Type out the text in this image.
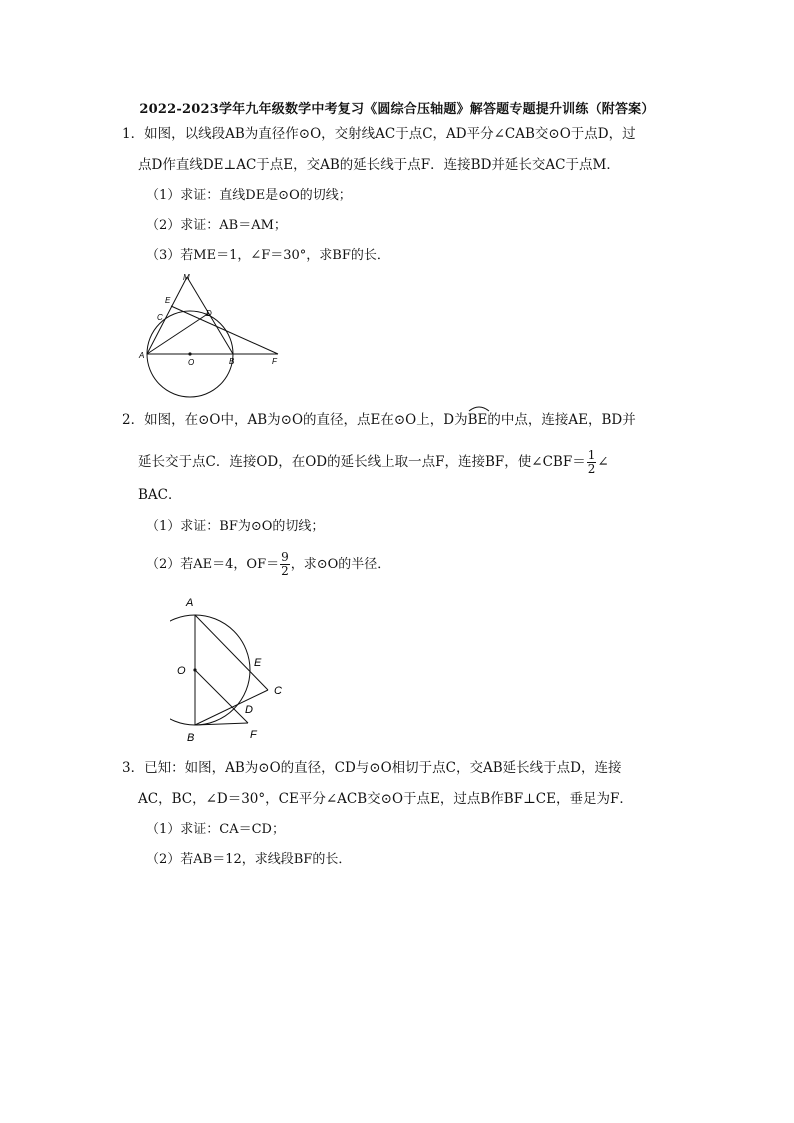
2022-2023学年九年级数学中考复习《圆综合压轴题》解答题专题提升训练（附答案）
1．如图，以线段AB为直径作⊙O，交射线AC于点C，AD平分∠CAB交⊙O于点D，过
点D作直线DE⊥AC于点E，交AB的延长线于点F．连接BD并延长交AC于点M．
（1）求证：直线DE是⊙O的切线；
（2）求证：AB＝AM；
（3）若ME＝1，∠F＝30°，求BF的长．
M
E
C	D
A
O	B	F
2．如图，在⊙O中，AB为⊙O的直径，点E在⊙O上，D为
BE的中点，连接AE，BD并
延长交于点C．连接OD，在OD的延长线上取一点F，连接BF，使∠CBF＝ $\frac{1}{2}$ ∠
BAC．
（1）求证：BF为⊙O的切线；
（2）若AE＝4，$OF= \frac{9}{2}$ ，求⊙O的半径．
A
O
E
C
D
B	F
3．已知：如图，AB为⊙O的直径，CD与⊙O相切于点C，交AB延长线于点D，连接
AC，BC，∠D＝30°，CE平分∠ACB交⊙O于点E，过点B作BF⊥CE，垂足为F．
（1）求证：CA＝CD；
（2）若AB＝12，求线段BF的长．
